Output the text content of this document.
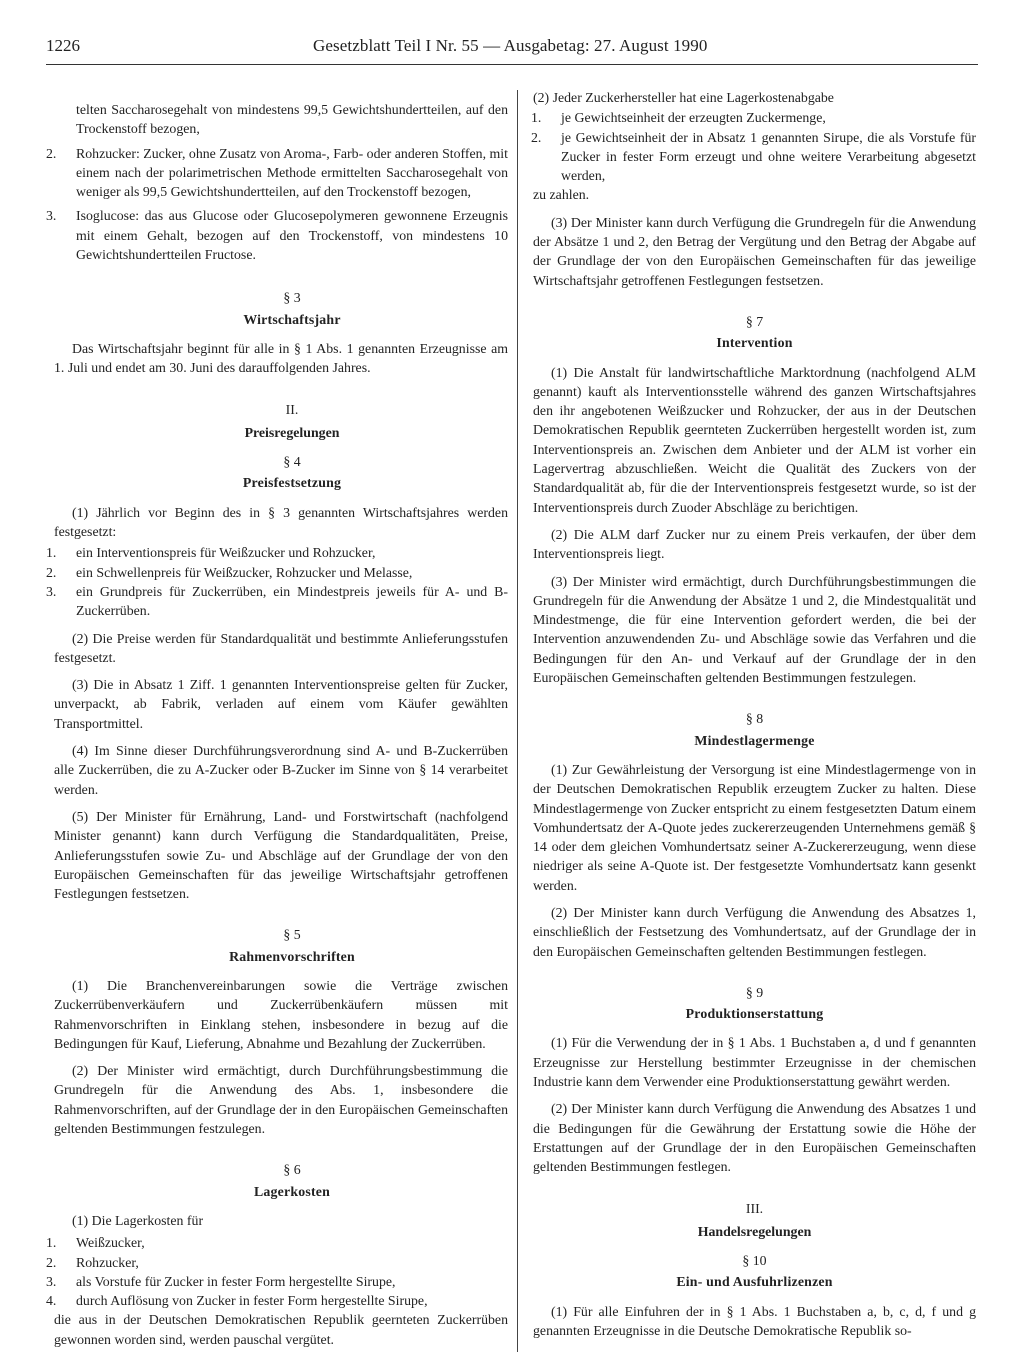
1226	Gesetzblatt Teil I Nr. 55 — Ausgabetag: 27. August 1990
telten Saccharosegehalt von mindestens 99,5 Gewichtshundertteilen, auf den Trockenstoff bezogen,
2.	Rohzucker: Zucker, ohne Zusatz von Aroma-, Farb- oder anderen Stoffen, mit einem nach der polarimetrischen Methode ermittelten Saccharosegehalt von weniger als 99,5 Gewichtshundertteilen, auf den Trockenstoff bezogen,
3.	Isoglucose: das aus Glucose oder Glucosepolymeren gewonnene Erzeugnis mit einem Gehalt, bezogen auf den Trockenstoff, von mindestens 10 Gewichtshundertteilen Fructose.
§ 3
Wirtschaftsjahr

Das Wirtschaftsjahr beginnt für alle in § 1 Abs. 1 genannten Erzeugnisse am 1. Juli und endet am 30. Juni des darauffolgenden Jahres.

II.
Preisregelungen
§ 4
Preisfestsetzung

(1) Jährlich vor Beginn des in § 3 genannten Wirtschaftsjahres werden festgesetzt:

1.	ein Interventionspreis für Weißzucker und Rohzucker,
2.	ein Schwellenpreis für Weißzucker, Rohzucker und Melasse,
3.	ein Grundpreis für Zuckerrüben, ein Mindestpreis jeweils für A- und B-Zuckerrüben.

(2) Die Preise werden für Standardqualität und bestimmte Anlieferungsstufen festgesetzt.

(3) Die in Absatz 1 Ziff. 1 genannten Interventionspreise gelten für Zucker, unverpackt, ab Fabrik, verladen auf einem vom Käufer gewählten Transportmittel.

(4) Im Sinne dieser Durchführungsverordnung sind A- und B-Zuckerrüben alle Zuckerrüben, die zu A-Zucker oder B-Zucker im Sinne von § 14 verarbeitet werden.

(5) Der Minister für Ernährung, Land- und Forstwirtschaft (nachfolgend Minister genannt) kann durch Verfügung die Standardqualitäten, Preise, Anlieferungsstufen sowie Zu- und Abschläge auf der Grundlage der von den Europäischen Gemeinschaften für das jeweilige Wirtschaftsjahr getroffenen Festlegungen festsetzen.

§ 5
Rahmenvorschriften

(1) Die Branchenvereinbarungen sowie die Verträge zwischen Zuckerrübenverkäufern und Zuckerrübenkäufern müssen mit Rahmenvorschriften in Einklang stehen, insbesondere in bezug auf die Bedingungen für Kauf, Lieferung, Abnahme und Bezahlung der Zuckerrüben.

(2) Der Minister wird ermächtigt, durch Durchführungsbestimmung die Grundregeln für die Anwendung des Abs. 1, insbesondere die Rahmenvorschriften, auf der Grundlage der in den Europäischen Gemeinschaften geltenden Bestimmungen festzulegen.

§ 6
Lagerkosten

(1) Die Lagerkosten für

1.	Weißzucker,
2.	Rohzucker,
3.	als Vorstufe für Zucker in fester Form hergestellte Sirupe,
4.	durch Auflösung von Zucker in fester Form hergestellte Sirupe,

die aus in der Deutschen Demokratischen Republik geernteten Zuckerrüben gewonnen worden sind, werden pauschal vergütet.

(2) Jeder Zuckerhersteller hat eine Lagerkostenabgabe

1.	je Gewichtseinheit der erzeugten Zuckermenge,
2.	je Gewichtseinheit der in Absatz 1 genannten Sirupe, die als Vorstufe für Zucker in fester Form erzeugt und ohne weitere Verarbeitung abgesetzt werden,

zu zahlen.

(3) Der Minister kann durch Verfügung die Grundregeln für die Anwendung der Absätze 1 und 2, den Betrag der Vergütung und den Betrag der Abgabe auf der Grundlage der von den Europäischen Gemeinschaften für das jeweilige Wirtschaftsjahr getroffenen Festlegungen festsetzen.

§ 7
Intervention

(1) Die Anstalt für landwirtschaftliche Marktordnung (nachfolgend ALM genannt) kauft als Interventionsstelle während des ganzen Wirtschaftsjahres den ihr angebotenen Weißzucker und Rohzucker, der aus in der Deutschen Demokratischen Republik geernteten Zuckerrüben hergestellt worden ist, zum Interventionspreis an. Zwischen dem Anbieter und der ALM ist vorher ein Lagervertrag abzuschließen. Weicht die Qualität des Zuckers von der Standardqualität ab, für die der Interventionspreis festgesetzt wurde, so ist der Interventionspreis durch Zuoder Abschläge zu berichtigen.

(2) Die ALM darf Zucker nur zu einem Preis verkaufen, der über dem Interventionspreis liegt.

(3) Der Minister wird ermächtigt, durch Durchführungsbestimmungen die Grundregeln für die Anwendung der Absätze 1 und 2, die Mindestqualität und Mindestmenge, die für eine Intervention gefordert werden, die bei der Intervention anzuwendenden Zu- und Abschläge sowie das Verfahren und die Bedingungen für den An- und Verkauf auf der Grundlage der in den Europäischen Gemeinschaften geltenden Bestimmungen festzulegen.

§ 8
Mindestlagermenge

(1) Zur Gewährleistung der Versorgung ist eine Mindestlagermenge von in der Deutschen Demokratischen Republik erzeugtem Zucker zu halten. Diese Mindestlagermenge von Zucker entspricht zu einem festgesetzten Datum einem Vomhundertsatz der A-Quote jedes zuckererzeugenden Unternehmens gemäß § 14 oder dem gleichen Vomhundertsatz seiner A-Zuckererzeugung, wenn diese niedriger als seine A-Quote ist. Der festgesetzte Vomhundertsatz kann gesenkt werden.

(2) Der Minister kann durch Verfügung die Anwendung des Absatzes 1, einschließlich der Festsetzung des Vomhundertsatz, auf der Grundlage der in den Europäischen Gemeinschaften geltenden Bestimmungen festlegen.

§ 9
Produktionserstattung

(1) Für die Verwendung der in § 1 Abs. 1 Buchstaben a, d und f genannten Erzeugnisse zur Herstellung bestimmter Erzeugnisse in der chemischen Industrie kann dem Verwender eine Produktionserstattung gewährt werden.

(2) Der Minister kann durch Verfügung die Anwendung des Absatzes 1 und die Bedingungen für die Gewährung der Erstattung sowie die Höhe der Erstattungen auf der Grundlage der in den Europäischen Gemeinschaften geltenden Bestimmungen festlegen.

III.
Handelsregelungen
§ 10
Ein- und Ausfuhrlizenzen

(1) Für alle Einfuhren der in § 1 Abs. 1 Buchstaben a, b, c, d, f und g genannten Erzeugnisse in die Deutsche Demokratische Republik so-
